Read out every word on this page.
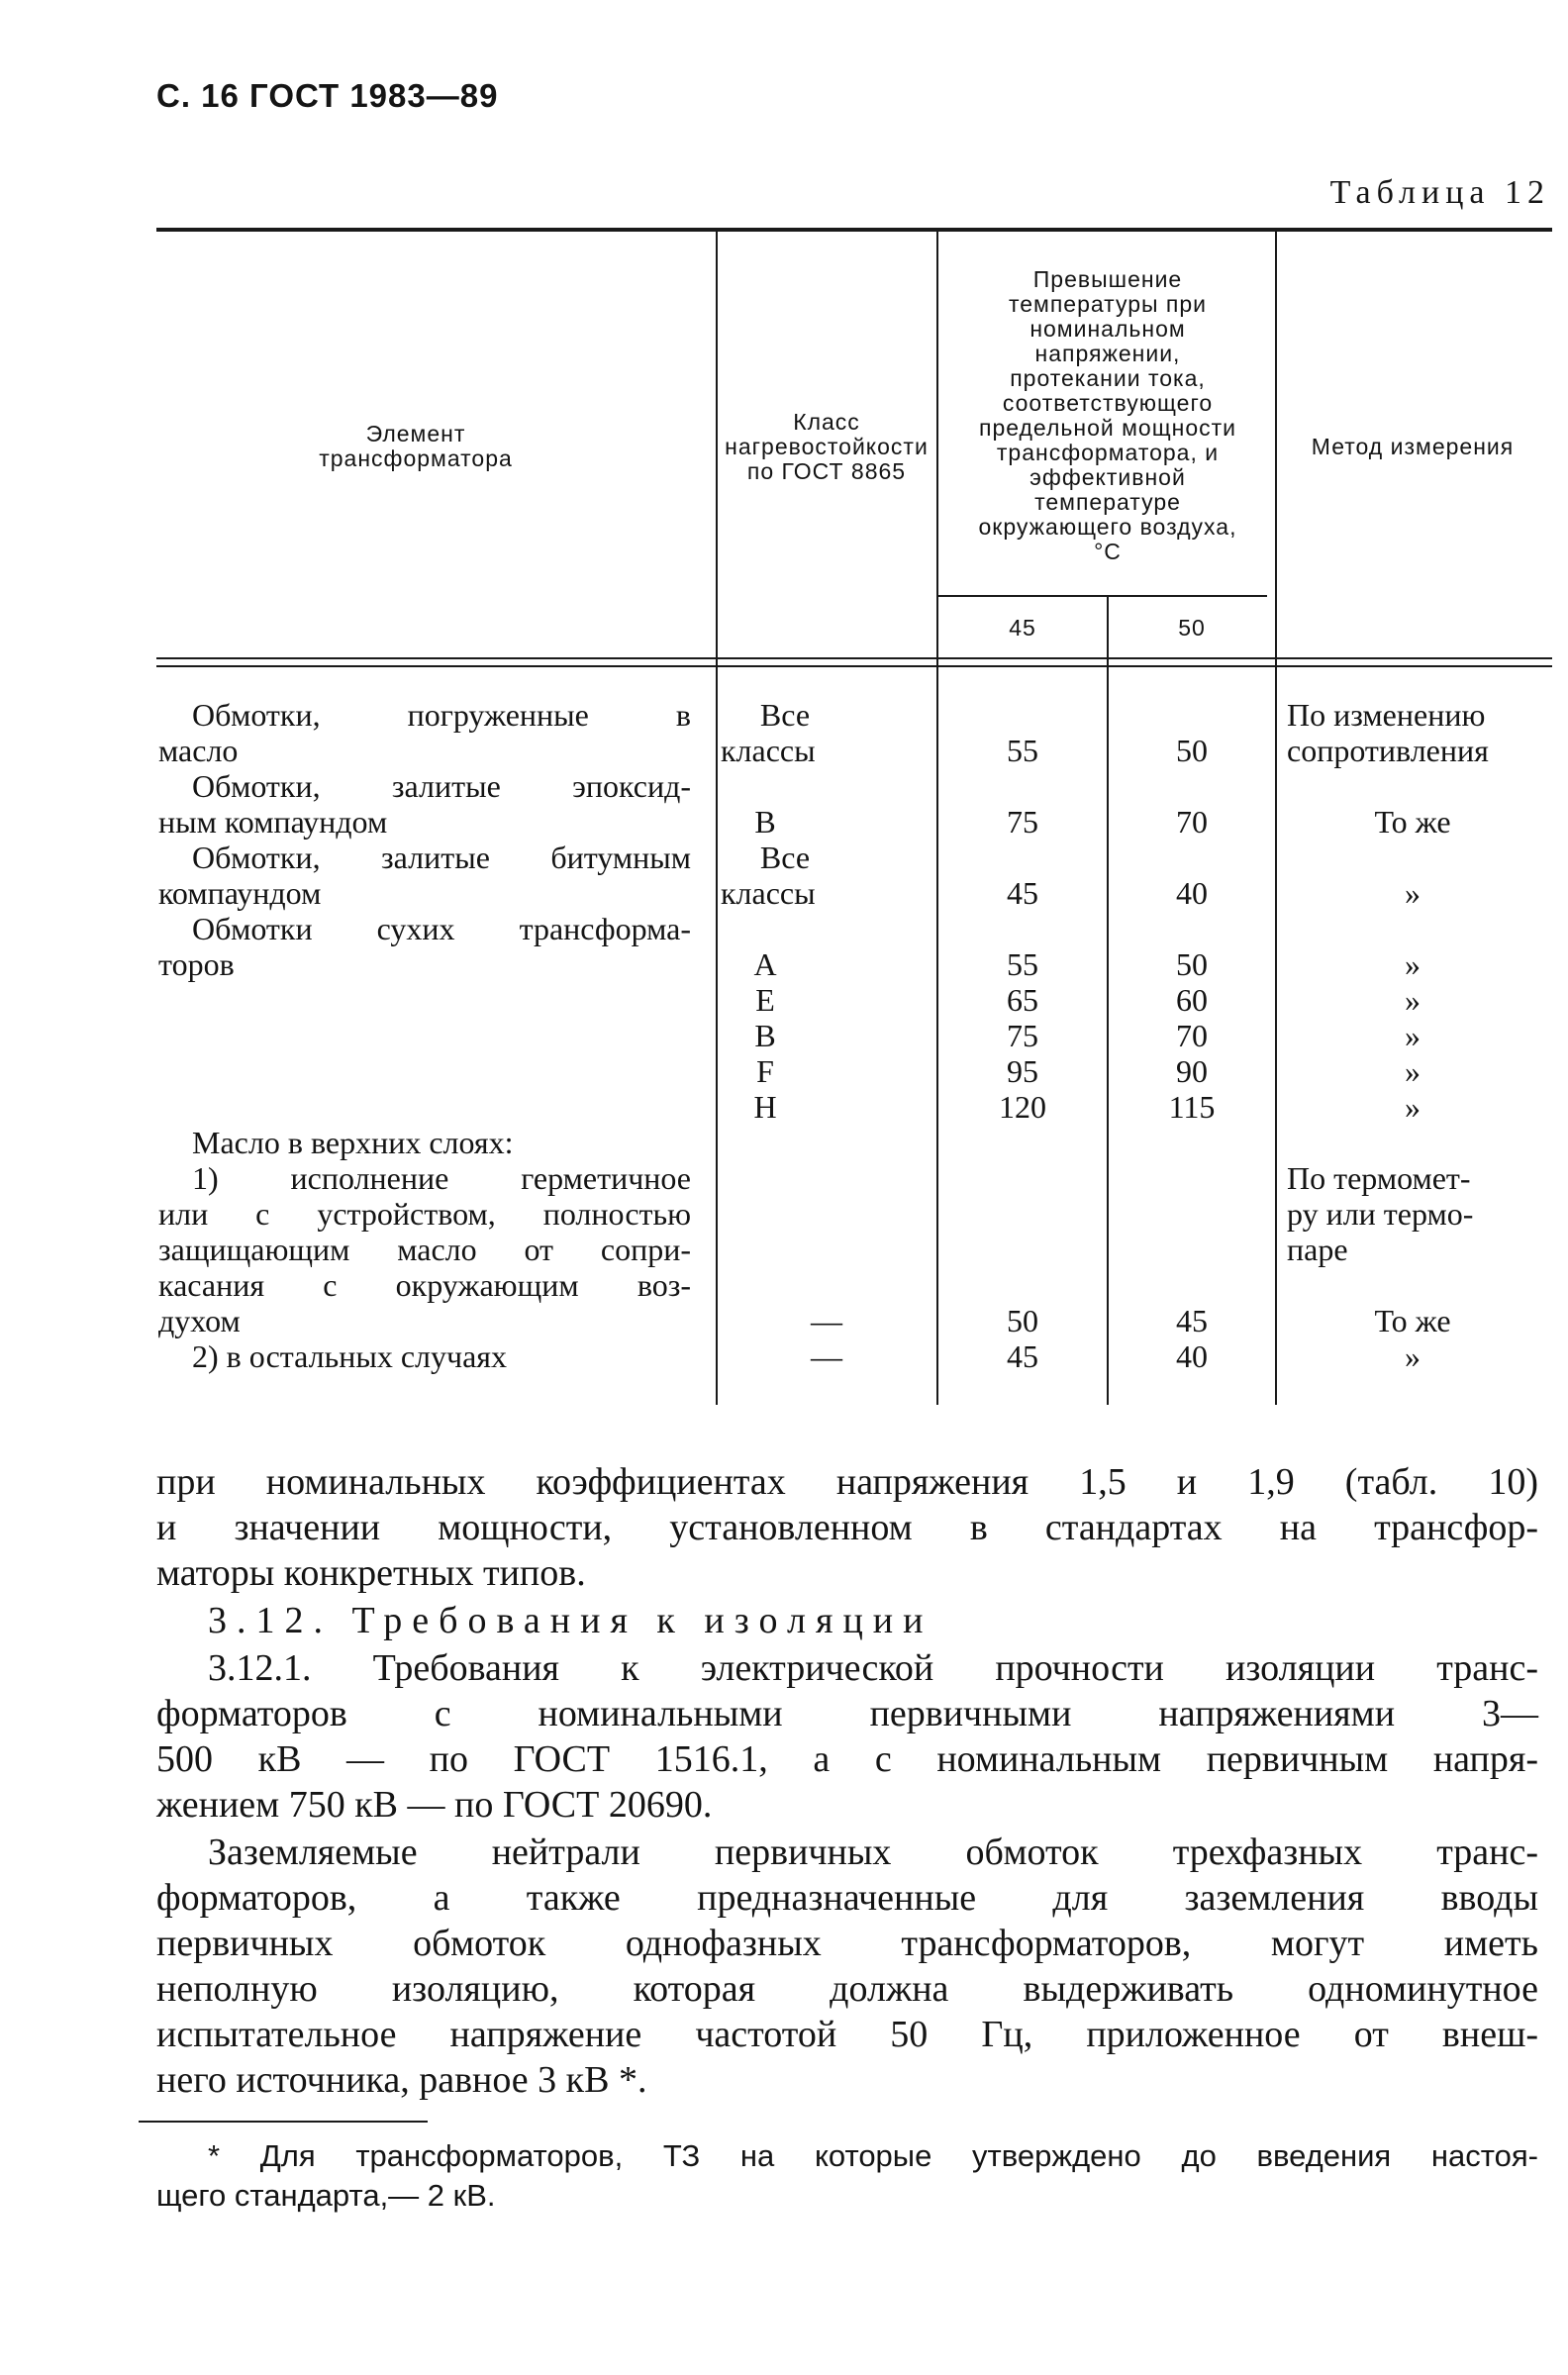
С. 16 ГОСТ 1983—89
Таблица 12
Элемент трансформатора
Класс нагревостойкости по ГОСТ 8865
Превышение температуры при номинальном напряжении, протекании тока, соответствующего предельной мощности трансформатора, и эффективной температуре окружающего воздуха, °С
45	50
Метод измерения
Обмотки, погруженные в
масло
Обмотки, залитые эпоксид-
ным компаундом
Обмотки, залитые битумным
компаундом
Обмотки сухих трансформа-
торов
Масло в верхних слоях:
1) исполнение герметичное
или с устройством, полностью
защищающим масло от сопри-
касания с окружающим воз-
духом
2) в остальных случаях
Все
классы
В
Все
классы
А
Е
В
F
Н
—
—
55
75
45
55
65
75
95
120
50
45
50
70
40
50
60
70
90
115
45
40
По изменению
сопротивления
То же
»
»
»
»
»
»
По термомет-
ру или термо-
паре
То же
»
при номинальных коэффициентах напряжения 1,5 и 1,9 (табл. 10)
и значении мощности, установленном в стандартах на трансфор-
маторы конкретных типов.
3.12. Требования к изоляции
3.12.1. Требования к электрической прочности изоляции транс-
форматоров с номинальными первичными напряжениями 3—
500 кВ — по ГОСТ 1516.1, а с номинальным первичным напря-
жением 750 кВ — по ГОСТ 20690.
Заземляемые нейтрали первичных обмоток трехфазных транс-
форматоров, а также предназначенные для заземления вводы
первичных обмоток однофазных трансформаторов, могут иметь
неполную изоляцию, которая должна выдерживать одноминутное
испытательное напряжение частотой 50 Гц, приложенное от внеш-
него источника, равное 3 кВ *.
* Для трансформаторов, ТЗ на которые утверждено до введения настоя-
щего стандарта,— 2 кВ.
